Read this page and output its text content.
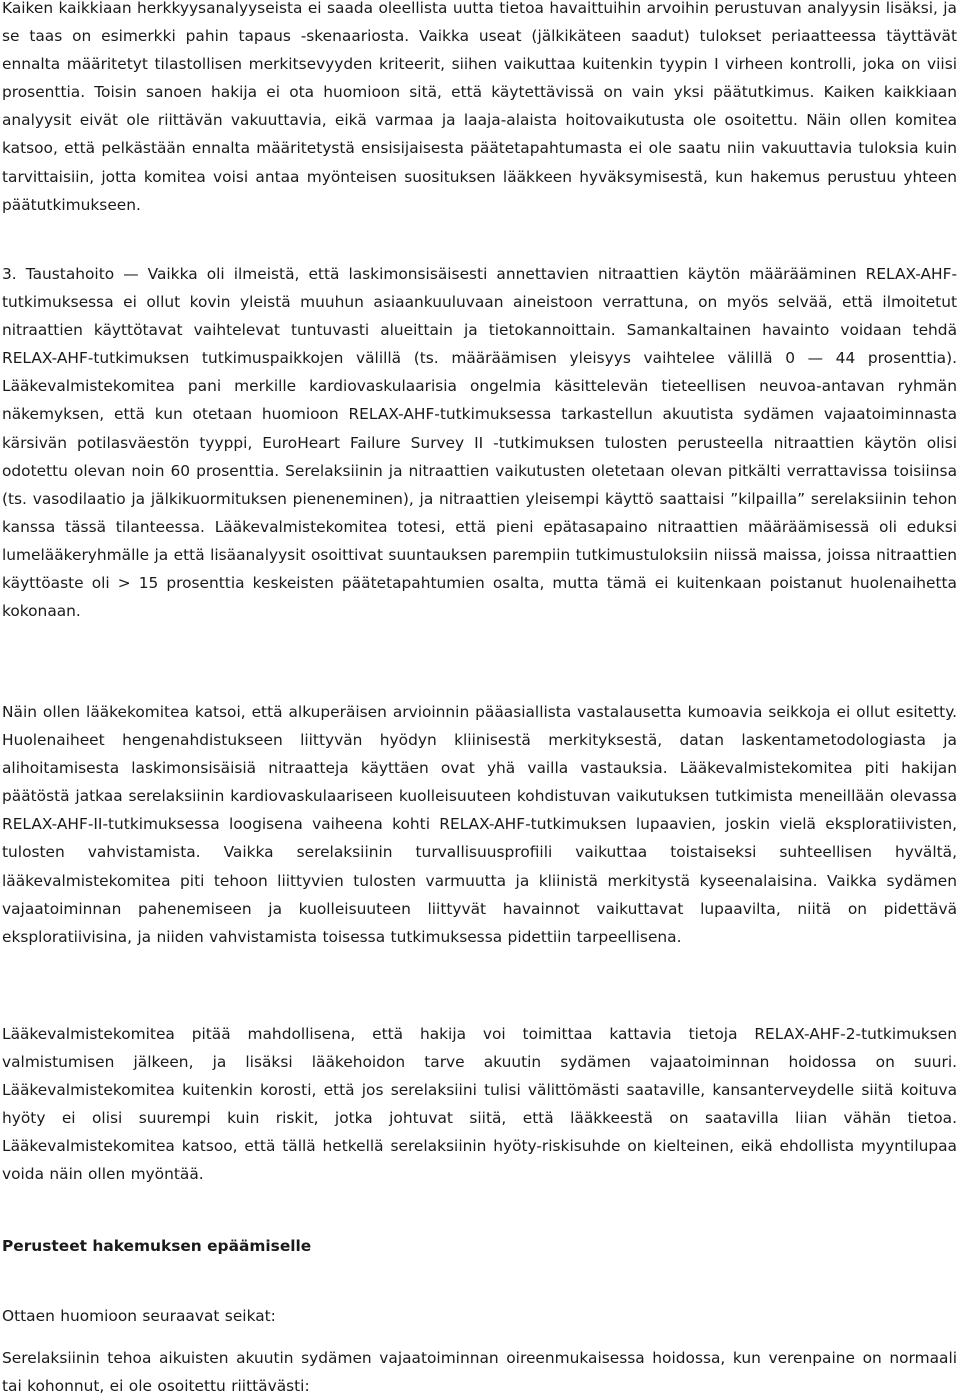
Kaiken kaikkiaan herkkyysanalyyseista ei saada oleellista uutta tietoa havaittuihin arvoihin perustuvan analyysin lisäksi, ja se taas on esimerkki pahin tapaus -skenaariosta. Vaikka useat (jälkikäteen saadut) tulokset periaatteessa täyttävät ennalta määritetyt tilastollisen merkitsevyyden kriteerit, siihen vaikuttaa kuitenkin tyypin I virheen kontrolli, joka on viisi prosenttia. Toisin sanoen hakija ei ota huomioon sitä, että käytettävissä on vain yksi päätutkimus. Kaiken kaikkiaan analyysit eivät ole riittävän vakuuttavia, eikä varmaa ja laaja-alaista hoitovaikutusta ole osoitettu. Näin ollen komitea katsoo, että pelkästään ennalta määritetystä ensisijaisesta päätetapahtumasta ei ole saatu niin vakuuttavia tuloksia kuin tarvittaisiin, jotta komitea voisi antaa myönteisen suosituksen lääkkeen hyväksymisestä, kun hakemus perustuu yhteen päätutkimukseen.

3. Taustahoito — Vaikka oli ilmeistä, että laskimonsisäisesti annettavien nitraattien käytön määrääminen RELAX-AHF-tutkimuksessa ei ollut kovin yleistä muuhun asiaankuuluvaan aineistoon verrattuna, on myös selvää, että ilmoitetut nitraattien käyttötavat vaihtelevat tuntuvasti alueittain ja tietokannoittain. Samankaltainen havainto voidaan tehdä RELAX-AHF-tutkimuksen tutkimuspaikkojen välillä (ts. määräämisen yleisyys vaihtelee välillä 0 — 44 prosenttia). Lääkevalmistekomitea pani merkille kardiovaskulaarisia ongelmia käsittelevän tieteellisen neuvoa-antavan ryhmän näkemyksen, että kun otetaan huomioon RELAX-AHF-tutkimuksessa tarkastellun akuutista sydämen vajaatoiminnasta kärsivän potilasväestön tyyppi, EuroHeart Failure Survey II -tutkimuksen tulosten perusteella nitraattien käytön olisi odotettu olevan noin 60 prosenttia. Serelaksiinin ja nitraattien vaikutusten oletetaan olevan pitkälti verrattavissa toisiinsa (ts. vasodilaatio ja jälkikuormituksen pieneneminen), ja nitraattien yleisempi käyttö saattaisi ”kilpailla” serelaksiinin tehon kanssa tässä tilanteessa. Lääkevalmistekomitea totesi, että pieni epätasapaino nitraattien määräämisessä oli eduksi lumelääkeryhmälle ja että lisäanalyysit osoittivat suuntauksen parempiin tutkimustuloksiin niissä maissa, joissa nitraattien käyttöaste oli > 15 prosenttia keskeisten päätetapahtumien osalta, mutta tämä ei kuitenkaan poistanut huolenaihetta kokonaan.

Näin ollen lääkekomitea katsoi, että alkuperäisen arvioinnin pääasiallista vastalausetta kumoavia seikkoja ei ollut esitetty. Huolenaiheet hengenahdistukseen liittyvän hyödyn kliinisestä merkityksestä, datan laskentametodologiasta ja alihoitamisesta laskimonsisäisiä nitraatteja käyttäen ovat yhä vailla vastauksia. Lääkevalmistekomitea piti hakijan päätöstä jatkaa serelaksiinin kardiovaskulaariseen kuolleisuuteen kohdistuvan vaikutuksen tutkimista meneillään olevassa RELAX-AHF-II-tutkimuksessa loogisena vaiheena kohti RELAX-AHF-tutkimuksen lupaavien, joskin vielä eksploratiivisten, tulosten vahvistamista. Vaikka serelaksiinin turvallisuusprofiili vaikuttaa toistaiseksi suhteellisen hyvältä, lääkevalmistekomitea piti tehoon liittyvien tulosten varmuutta ja kliinistä merkitystä kyseenalaisina. Vaikka sydämen vajaatoiminnan pahenemiseen ja kuolleisuuteen liittyvät havainnot vaikuttavat lupaavilta, niitä on pidettävä eksploratiivisina, ja niiden vahvistamista toisessa tutkimuksessa pidettiin tarpeellisena.

Lääkevalmistekomitea pitää mahdollisena, että hakija voi toimittaa kattavia tietoja RELAX-AHF-2-tutkimuksen valmistumisen jälkeen, ja lisäksi lääkehoidon tarve akuutin sydämen vajaatoiminnan hoidossa on suuri. Lääkevalmistekomitea kuitenkin korosti, että jos serelaksiini tulisi välittömästi saataville, kansanterveydelle siitä koituva hyöty ei olisi suurempi kuin riskit, jotka johtuvat siitä, että lääkkeestä on saatavilla liian vähän tietoa. Lääkevalmistekomitea katsoo, että tällä hetkellä serelaksiinin hyöty-riskisuhde on kielteinen, eikä ehdollista myyntilupaa voida näin ollen myöntää.

Perusteet hakemuksen epäämiselle

Ottaen huomioon seuraavat seikat:

Serelaksiinin tehoa aikuisten akuutin sydämen vajaatoiminnan oireenmukaisessa hoidossa, kun verenpaine on normaali tai kohonnut, ei ole osoitettu riittävästi:
